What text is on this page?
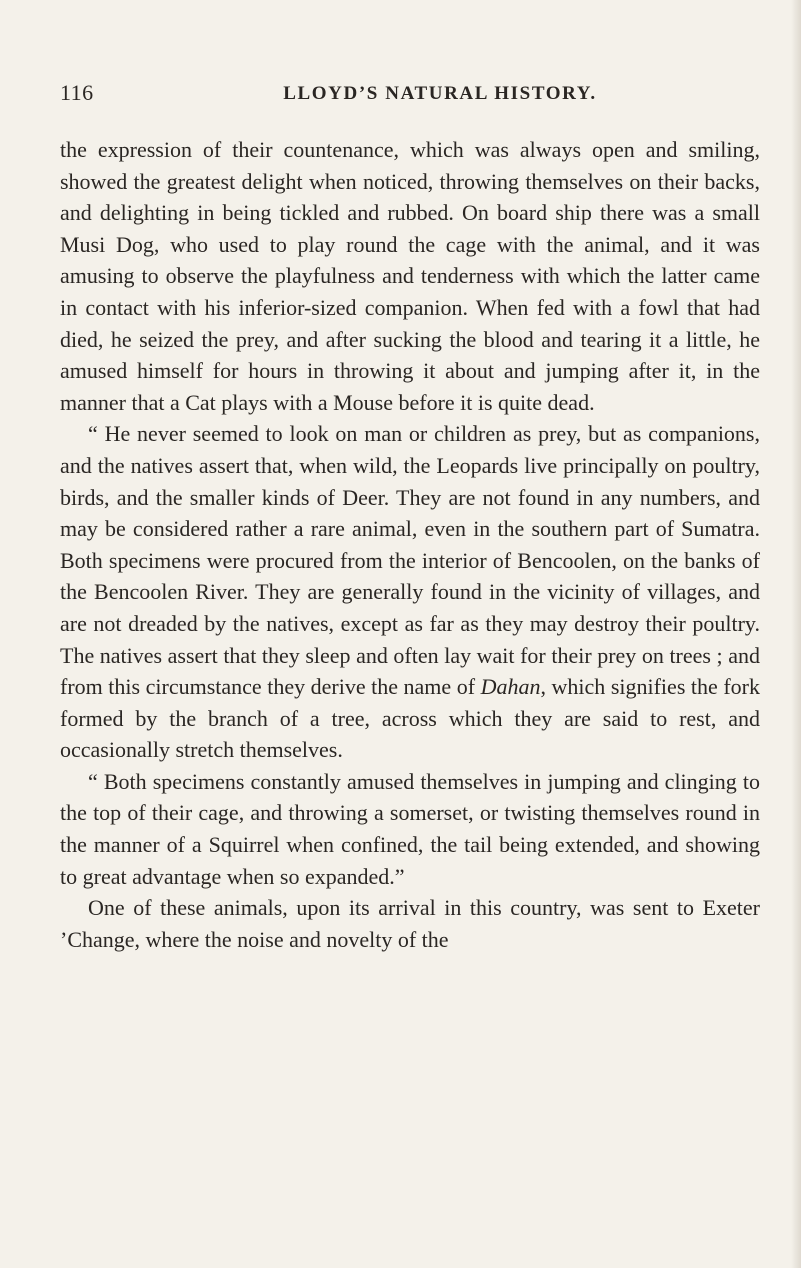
116	LLOYD’S NATURAL HISTORY.

the expression of their countenance, which was always open and smiling, showed the greatest delight when noticed, throwing themselves on their backs, and delighting in being tickled and rubbed. On board ship there was a small Musi Dog, who used to play round the cage with the animal, and it was amusing to observe the playfulness and tenderness with which the latter came in contact with his inferior-sized companion. When fed with a fowl that had died, he seized the prey, and after sucking the blood and tearing it a little, he amused himself for hours in throwing it about and jumping after it, in the manner that a Cat plays with a Mouse before it is quite dead.

“ He never seemed to look on man or children as prey, but as companions, and the natives assert that, when wild, the Leopards live principally on poultry, birds, and the smaller kinds of Deer. They are not found in any numbers, and may be considered rather a rare animal, even in the southern part of Sumatra. Both specimens were procured from the interior of Bencoolen, on the banks of the Bencoolen River. They are generally found in the vicinity of villages, and are not dreaded by the natives, except as far as they may destroy their poultry. The natives assert that they sleep and often lay wait for their prey on trees ; and from this circumstance they derive the name of Dahan, which signifies the fork formed by the branch of a tree, across which they are said to rest, and occasionally stretch themselves.

“ Both specimens constantly amused themselves in jumping and clinging to the top of their cage, and throwing a somerset, or twisting themselves round in the manner of a Squirrel when confined, the tail being extended, and showing to great advantage when so expanded.”

One of these animals, upon its arrival in this country, was sent to Exeter ’Change, where the noise and novelty of the
